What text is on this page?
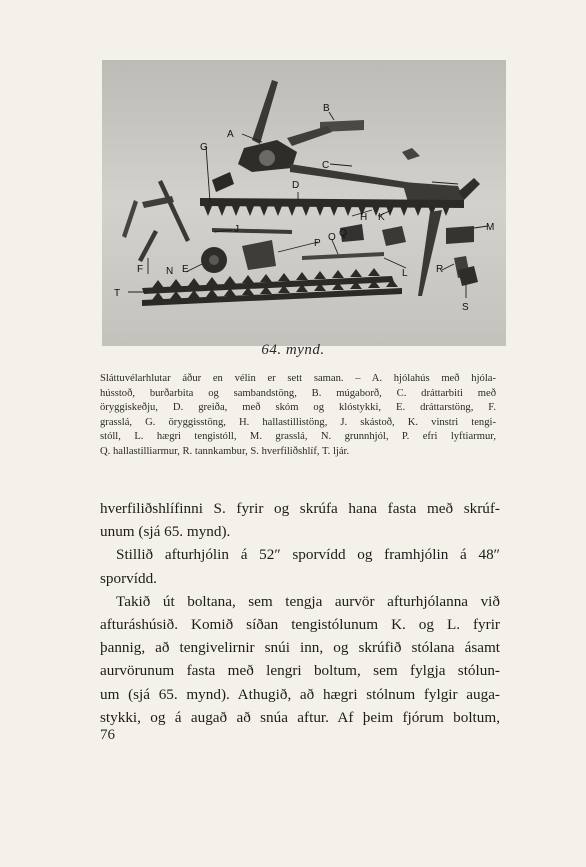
A
B
C
D
E
F
G
H
J
K
L
M
N
O
P
Q
R
S
T
64. mynd.
Sláttuvélarhlutar áður en vélin er sett saman. – A. hjólahús með hjóla-
hússtoð, burðarbita og sambandstöng, B. múgaborð, C. dráttarbiti með
öryggiskeðju, D. greiða, með skóm og klóstykki, E. dráttarstöng, F.
grasslá, G. öryggisstöng, H. hallastillistöng, J. skástoð, K. vinstri tengi-
stóll, L. hægri tengistóll, M. grasslá, N. grunnhjól, P. efri lyftiarmur,
Q. hallastilliarmur, R. tannkambur, S. hverfiliðshlíf, T. ljár.
hverfiliðshlífinni S. fyrir og skrúfa hana fasta með skrúf-
unum (sjá 65. mynd).
Stillið afturhjólin á 52″ sporvídd og framhjólin á 48″
sporvídd.
Takið út boltana, sem tengja aurvör afturhjólanna við
afturáshúsið. Komið síðan tengistólunum K. og L. fyrir
þannig, að tengivelirnir snúi inn, og skrúfið stólana ásamt
aurvörunum fasta með lengri boltum, sem fylgja stólun-
um (sjá 65. mynd). Athugið, að hægri stólnum fylgir auga-
stykki, og á augað að snúa aftur. Af þeim fjórum boltum,
76
